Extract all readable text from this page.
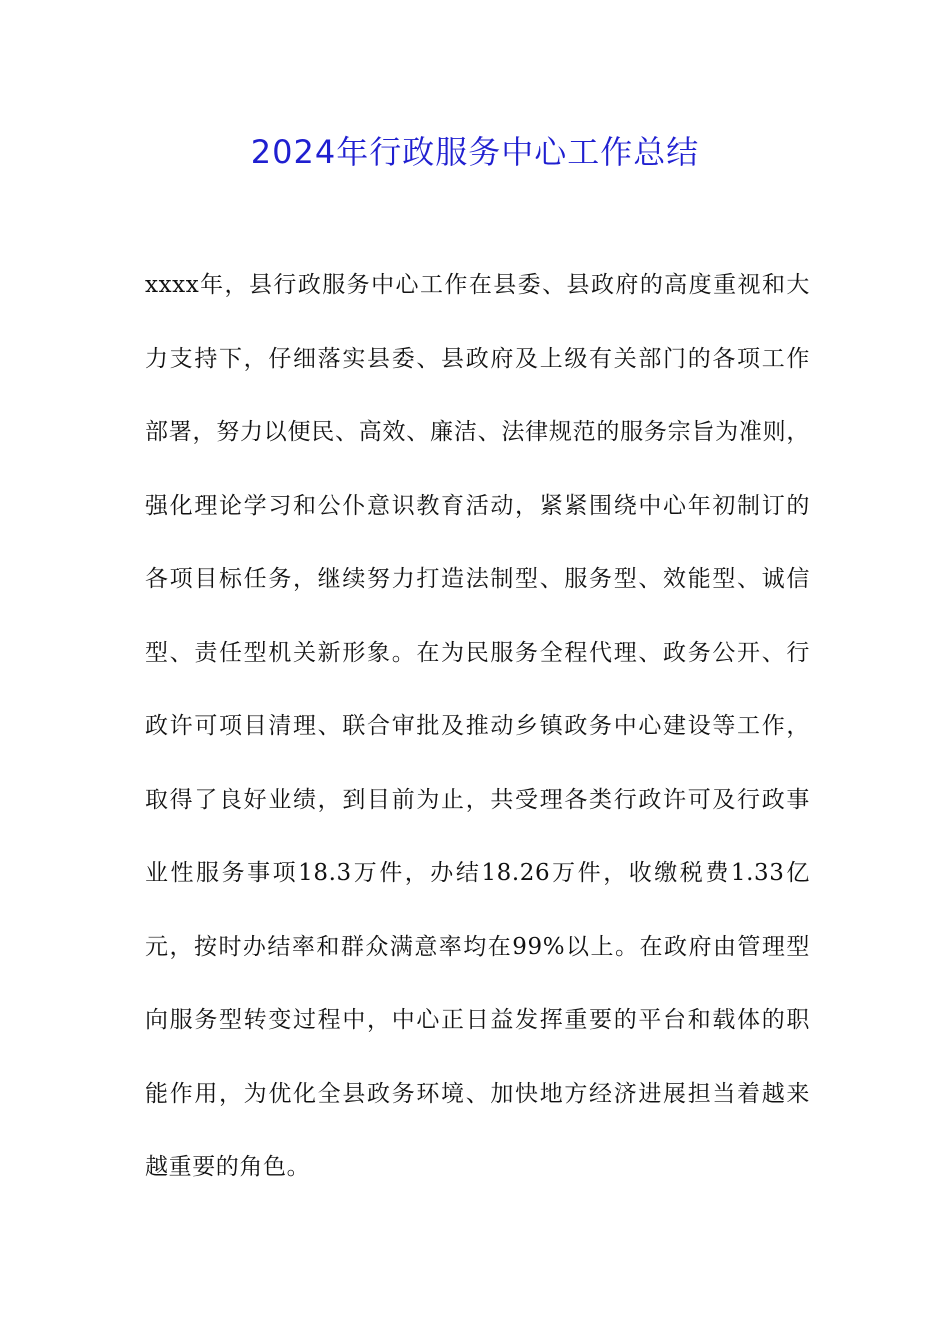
2024年行政服务中心工作总结
xxxx年，县行政服务中心工作在县委、县政府的高度重视和大
力支持下，仔细落实县委、县政府及上级有关部门的各项工作
部署，努力以便民、高效、廉洁、法律规范的服务宗旨为准则，
强化理论学习和公仆意识教育活动，紧紧围绕中心年初制订的
各项目标任务，继续努力打造法制型、服务型、效能型、诚信
型、责任型机关新形象。在为民服务全程代理、政务公开、行
政许可项目清理、联合审批及推动乡镇政务中心建设等工作，
取得了良好业绩，到目前为止，共受理各类行政许可及行政事
业性服务事项18.3万件，办结18.26万件，收缴税费1.33亿
元，按时办结率和群众满意率均在99%以上。在政府由管理型
向服务型转变过程中，中心正日益发挥重要的平台和载体的职
能作用，为优化全县政务环境、加快地方经济进展担当着越来
越重要的角色。
